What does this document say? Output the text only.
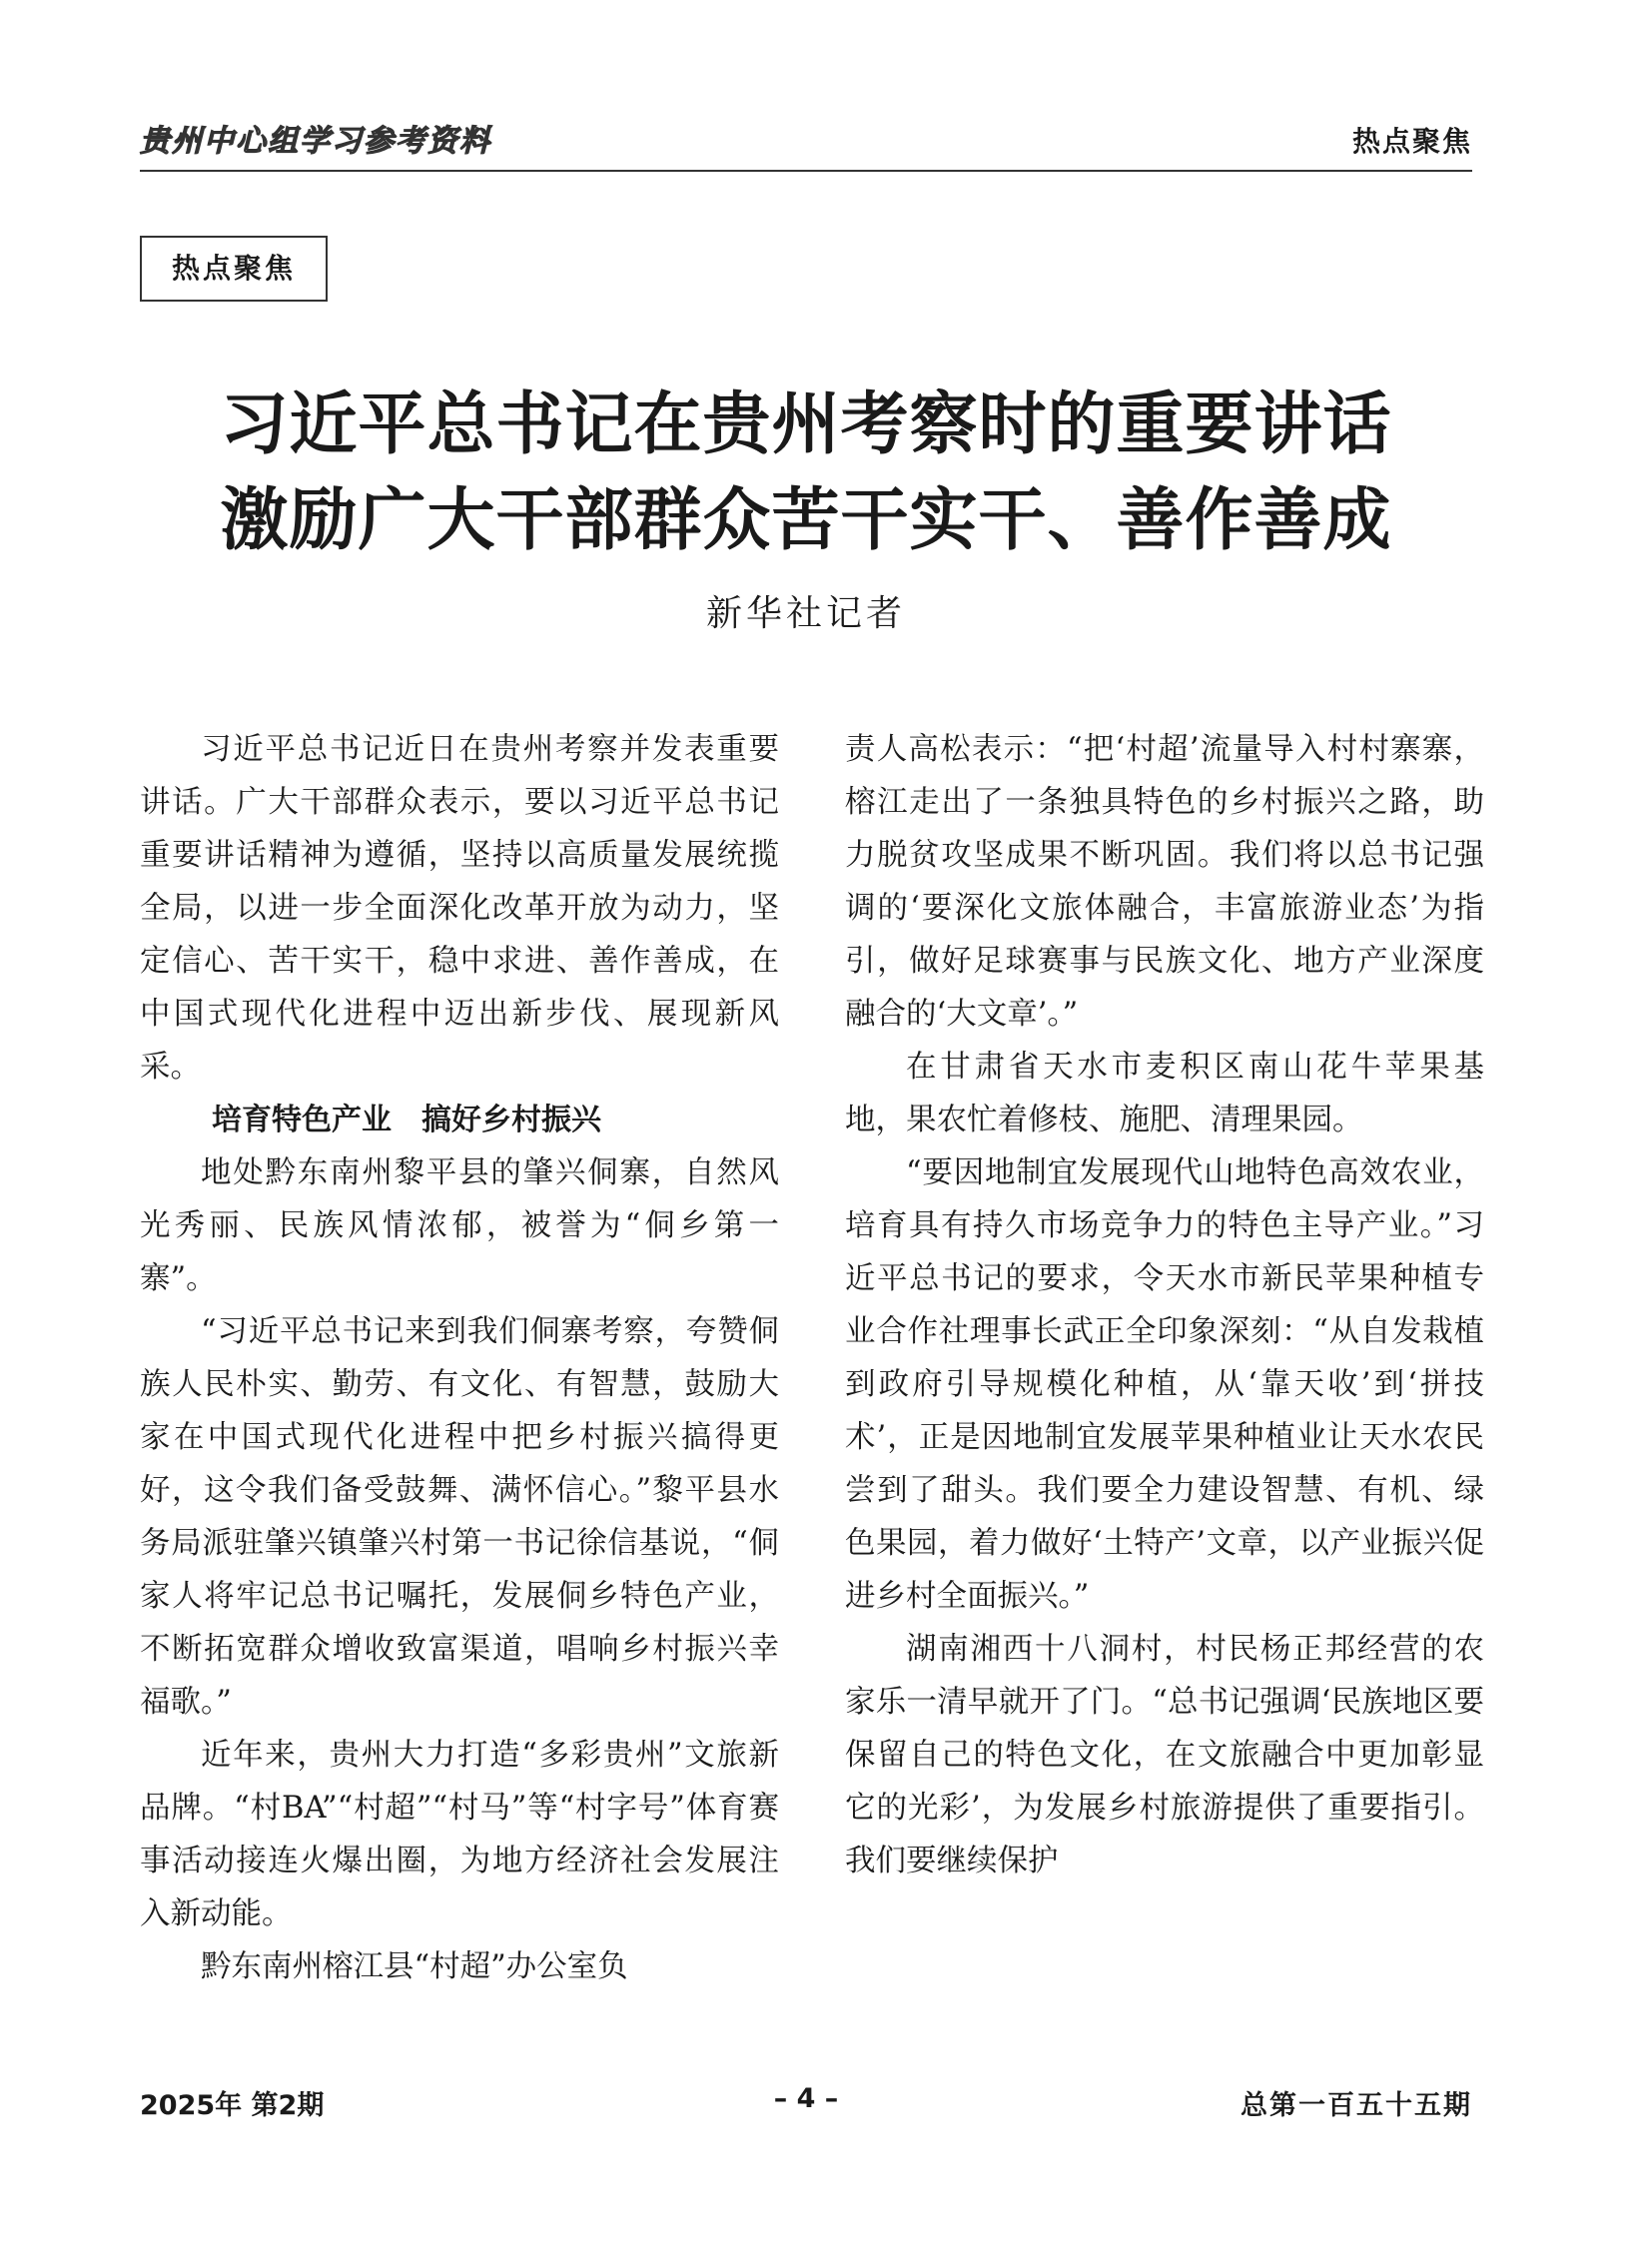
贵州中心组学习参考资料	热点聚焦
热点聚焦
习近平总书记在贵州考察时的重要讲话
激励广大干部群众苦干实干、善作善成
新华社记者

习近平总书记近日在贵州考察并发表重要讲话。广大干部群众表示，要以习近平总书记重要讲话精神为遵循，坚持以高质量发展统揽全局，以进一步全面深化改革开放为动力，坚定信心、苦干实干，稳中求进、善作善成，在中国式现代化进程中迈出新步伐、展现新风采。

培育特色产业　搞好乡村振兴

地处黔东南州黎平县的肇兴侗寨，自然风光秀丽、民族风情浓郁，被誉为“侗乡第一寨”。

“习近平总书记来到我们侗寨考察，夸赞侗族人民朴实、勤劳、有文化、有智慧，鼓励大家在中国式现代化进程中把乡村振兴搞得更好，这令我们备受鼓舞、满怀信心。”黎平县水务局派驻肇兴镇肇兴村第一书记徐信基说，“侗家人将牢记总书记嘱托，发展侗乡特色产业，不断拓宽群众增收致富渠道，唱响乡村振兴幸福歌。”

近年来，贵州大力打造“多彩贵州”文旅新品牌。“村BA”“村超”“村马”等“村字号”体育赛事活动接连火爆出圈，为地方经济社会发展注入新动能。

黔东南州榕江县“村超”办公室负

责人高松表示：“把‘村超’流量导入村村寨寨，榕江走出了一条独具特色的乡村振兴之路，助力脱贫攻坚成果不断巩固。我们将以总书记强调的‘要深化文旅体融合，丰富旅游业态’为指引，做好足球赛事与民族文化、地方产业深度融合的‘大文章’。”

在甘肃省天水市麦积区南山花牛苹果基地，果农忙着修枝、施肥、清理果园。

“要因地制宜发展现代山地特色高效农业，培育具有持久市场竞争力的特色主导产业。”习近平总书记的要求，令天水市新民苹果种植专业合作社理事长武正全印象深刻：“从自发栽植到政府引导规模化种植，从‘靠天收’到‘拼技术’，正是因地制宜发展苹果种植业让天水农民尝到了甜头。我们要全力建设智慧、有机、绿色果园，着力做好‘土特产’文章，以产业振兴促进乡村全面振兴。”

湖南湘西十八洞村，村民杨正邦经营的农家乐一清早就开了门。“总书记强调‘民族地区要保留自己的特色文化，在文旅融合中更加彰显它的光彩’，为发展乡村旅游提供了重要指引。我们要继续保护

2025年 第2期	– 4 –	总第一百五十五期
